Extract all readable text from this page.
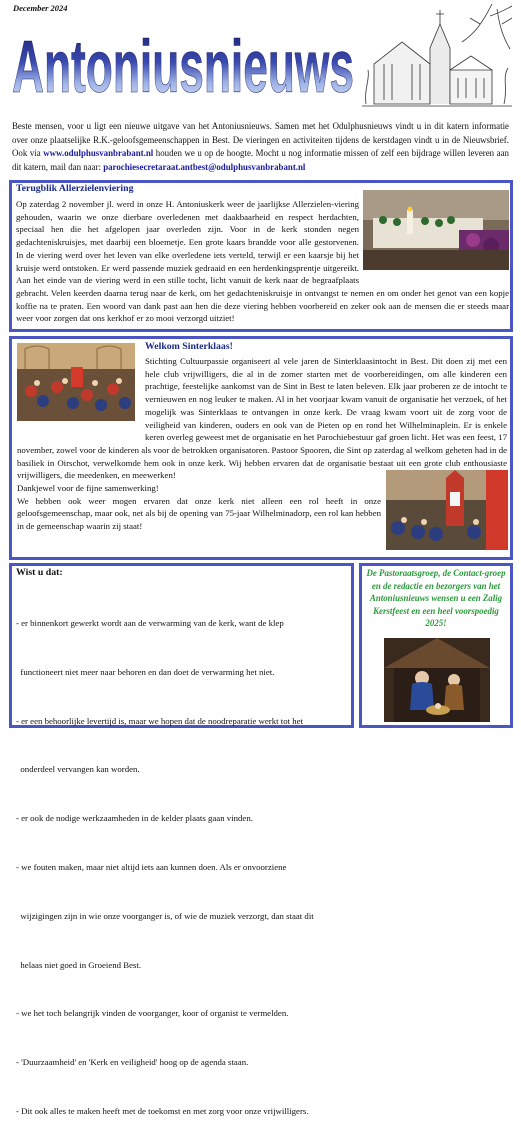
December 2024
Antoniusnieuws
Beste mensen, voor u ligt een nieuwe uitgave van het Antoniusnieuws. Samen met het Odulphusnieuws vindt u in dit katern informatie over onze plaatselijke R.K.-geloofsgemeenschappen in Best. De vieringen en activiteiten tijdens de kerstdagen vindt u in de Nieuwsbrief. Ook via www.odulphusvanbrabant.nl houden we u op de hoogte. Mocht u nog informatie missen of zelf een bijdrage willen leveren aan dit katern, mail dan naar: parochiesecretaraat.antbest@odulphusvanbrabant.nl
Terugblik Allerzielenviering
Op zaterdag 2 november jl. werd in onze H. Antoniuskerk weer de jaarlijkse Allerzielen-viering gehouden, waarin we onze dierbare overledenen met daakbaarheid en respect herdachten, speciaal hen die het afgelopen jaar overleden zijn. Voor in de kerk stonden negen gedachteniskruisjes, met daarbij een bloemetje. Een grote kaars brandde voor alle gestorvenen. In de viering werd over het leven van elke overledene iets verteld, terwijl er een kaarsje bij het kruisje werd ontstoken. Er werd passende muziek gedraaid en een herdenkingsprentje uitgereikt. Aan het einde van de viering werd in een stille tocht, licht vanuit de kerk naar de begraafplaats gebracht. Velen keerden daarna terug naar de kerk, om het gedachteniskruisje in ontvangst te nemen en om onder het genot van een kopje koffie na te praten. Een woord van dank past aan hen die deze viering hebben voorbereid en zeker ook aan de mensen die er steeds maar weer voor zorgen dat ons kerkhof er zo mooi verzorgd uitziet!
Welkom Sinterklaas!
Stichting Cultuurpassie organiseert al vele jaren de Sinterklaasintocht in Best. Dit doen zij met een hele club vrijwilligers, die al in de zomer starten met de voorbereidingen, om alle kinderen een prachtige, feestelijke aankomst van de Sint in Best te laten beleven. Elk jaar proberen ze de intocht te vernieuwen en nog leuker te maken. Al in het voorjaar kwam vanuit de organisatie het verzoek, of het mogelijk was Sinterklaas te ontvangen in onze kerk. De vraag kwam voort uit de zorg voor de veiligheid van kinderen, ouders en ook van de Pieten op en rond het Wilhelminaplein. Er is enkele keren overleg geweest met de organisatie en het Parochiebestuur gaf groen licht. Het was een feest, 17 november, zowel voor de kinderen als voor de betrokken organisatoren. Pastoor Spooren, die Sint op zaterdag al welkom geheten had in de basiliek in Oirschot, verwelkomde hem ook in onze kerk. Wij hebben ervaren dat de organisatie bestaat uit een grote club enthousiaste vrijwilligers, die meedenken, en meewerken!
Dankjewel voor de fijne samenwerking!
We hebben ook weer mogen ervaren dat onze kerk niet alleen een rol heeft in onze geloofsgemeenschap, maar ook, net als bij de opening van 75-jaar Wilhelminadorp, een rol kan hebben in de gemeenschap waarin zij staat!
Wist u dat:

- er binnenkort gewerkt wordt aan de verwarming van de kerk, want de klep

functioneert niet meer naar behoren en dan doet de verwarming het niet.

- er een behoorlijke levertijd is, maar we hopen dat de noodreparatie werkt tot het

onderdeel vervangen kan worden.

- er ook de nodige werkzaamheden in de kelder plaats gaan vinden.

- we fouten maken, maar niet altijd iets aan kunnen doen. Als er onvoorziene

wijzigingen zijn in wie onze voorganger is, of wie de muziek verzorgt, dan staat dit

helaas niet goed in Groeiend Best.

- we het toch belangrijk vinden de voorganger, koor of organist te vermelden.

- 'Duurzaamheid' en 'Kerk en veiligheid' hoog op de agenda staan.

- Dit ook alles te maken heeft met de toekomst en met zorg voor onze vrijwilligers.

De Pastoraatsgroep, de Contact-groep en de redactie en bezorgers van het Antoniusnieuws wensen u een Zalig Kerstfeest en een heel voorspoedig 2025!
